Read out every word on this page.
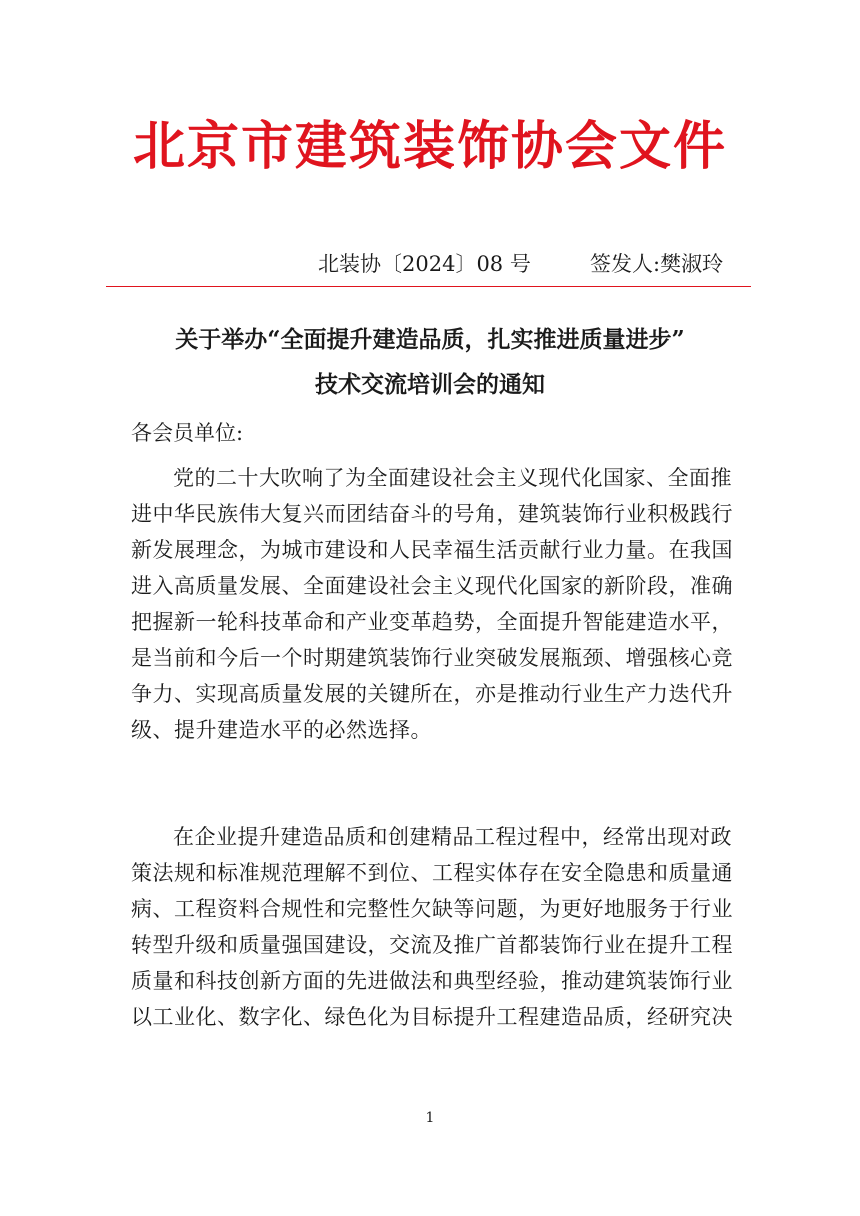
北京市建筑装饰协会文件
北装协〔2024〕08 号	签发人:樊淑玲
关于举办“全面提升建造品质，扎实推进质量进步”
技术交流培训会的通知
各会员单位:
党的二十大吹响了为全面建设社会主义现代化国家、全面推
进中华民族伟大复兴而团结奋斗的号角，建筑装饰行业积极践行
新发展理念，为城市建设和人民幸福生活贡献行业力量。在我国
进入高质量发展、全面建设社会主义现代化国家的新阶段，准确
把握新一轮科技革命和产业变革趋势，全面提升智能建造水平，
是当前和今后一个时期建筑装饰行业突破发展瓶颈、增强核心竞
争力、实现高质量发展的关键所在，亦是推动行业生产力迭代升
级、提升建造水平的必然选择。
在企业提升建造品质和创建精品工程过程中，经常出现对政
策法规和标准规范理解不到位、工程实体存在安全隐患和质量通
病、工程资料合规性和完整性欠缺等问题，为更好地服务于行业
转型升级和质量强国建设，交流及推广首都装饰行业在提升工程
质量和科技创新方面的先进做法和典型经验，推动建筑装饰行业
以工业化、数字化、绿色化为目标提升工程建造品质，经研究决
1
